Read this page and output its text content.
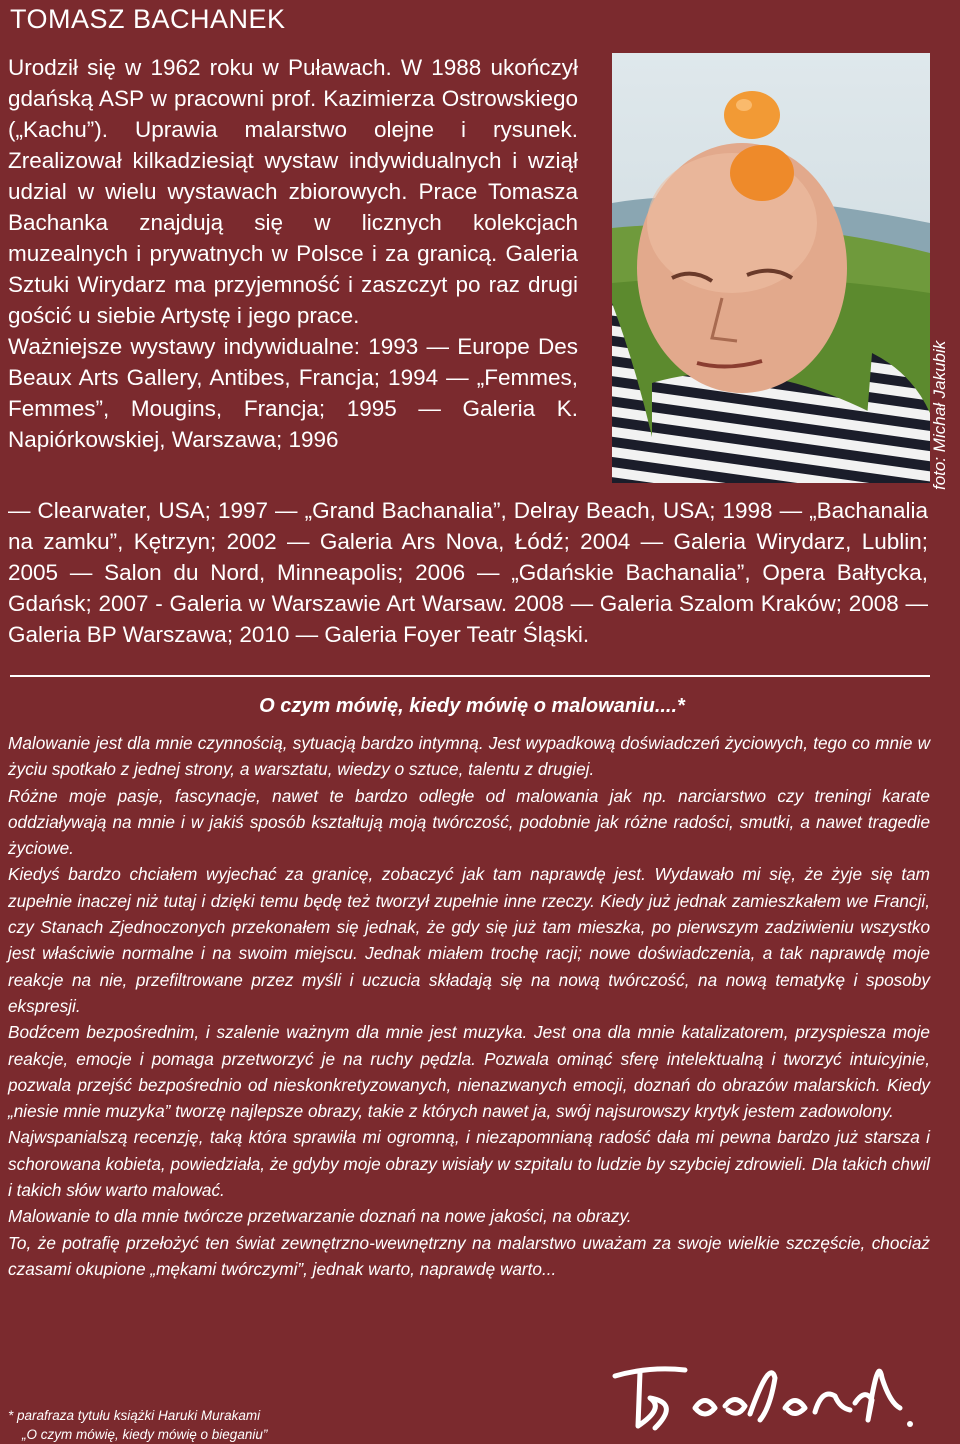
TOMASZ BACHANEK

Urodził się w 1962 roku w Puławach. W 1988 ukończył gdańską ASP w pracowni prof. Kazimierza Ostrowskiego („Kachu”). Uprawia malarstwo olejne i rysunek. Zrealizował kilkadziesiąt wystaw indywidualnych i wziął udzial w wielu wystawach zbiorowych. Prace Tomasza Bachanka znajdują się w licznych kolekcjach muzealnych i prywatnych w Polsce i za granicą. Galeria Sztuki Wirydarz ma przyjemność i zaszczyt po raz drugi gościć u siebie Artystę i jego prace.

Ważniejsze wystawy indywidualne: 1993 — Europe Des Beaux Arts Gallery, Antibes, Francja; 1994 — „Femmes, Femmes”, Mougins, Francja; 1995 — Galeria K. Napiórkowskiej, Warszawa; 1996	foto: Michał Jakubik
— Clearwater, USA; 1997 — „Grand Bachanalia”, Delray Beach, USA; 1998 — „Bachanalia na zamku”, Kętrzyn; 2002 — Galeria Ars Nova, Łódź; 2004 — Galeria Wirydarz, Lublin; 2005 — Salon du Nord, Minneapolis; 2006 — „Gdańskie Bachanalia”, Opera Bałtycka, Gdańsk; 2007 - Galeria w Warszawie Art Warsaw. 2008 — Galeria Szalom Kraków; 2008 — Galeria BP Warszawa; 2010 — Galeria Foyer Teatr Śląski.
O czym mówię, kiedy mówię o malowaniu....*

Malowanie jest dla mnie czynnością, sytuacją bardzo intymną. Jest wypadkową doświadczeń życiowych, tego co mnie w życiu spotkało z jednej strony, a warsztatu, wiedzy o sztuce, talentu z drugiej.

Różne moje pasje, fascynacje, nawet te bardzo odległe od malowania jak np. narciarstwo czy treningi karate oddziaływają na mnie i w jakiś sposób kształtują moją twórczość, podobnie jak różne radości, smutki, a nawet tragedie życiowe.

Kiedyś bardzo chciałem wyjechać za granicę, zobaczyć jak tam naprawdę jest. Wydawało mi się, że żyje się tam zupełnie inaczej niż tutaj i dzięki temu będę też tworzył zupełnie inne rzeczy. Kiedy już jednak zamieszkałem we Francji, czy Stanach Zjednoczonych przekonałem się jednak, że gdy się już tam mieszka, po pierwszym zadziwieniu wszystko jest właściwie normalne i na swoim miejscu. Jednak miałem trochę racji; nowe doświadczenia, a tak naprawdę moje reakcje na nie, przefiltrowane przez myśli i uczucia składają się na nową twórczość, na nową tematykę i sposoby ekspresji.

Bodźcem bezpośrednim, i szalenie ważnym dla mnie jest muzyka. Jest ona dla mnie katalizatorem, przyspiesza moje reakcje, emocje i pomaga przetworzyć je na ruchy pędzla. Pozwala ominąć sferę intelektualną i tworzyć intuicyjnie, pozwala przejść bezpośrednio od nieskonkretyzowanych, nienazwanych emocji, doznań do obrazów malarskich. Kiedy „niesie mnie muzyka” tworzę najlepsze obrazy, takie z których nawet ja, swój najsurowszy krytyk jestem zadowolony.

Najwspanialszą recenzję, taką która sprawiła mi ogromną, i niezapomnianą radość dała mi pewna bardzo już starsza i schorowana kobieta, powiedziała, że gdyby moje obrazy wisiały w szpitalu to ludzie by szybciej zdrowieli. Dla takich chwil i takich słów warto malować.

Malowanie to dla mnie twórcze przetwarzanie doznań na nowe jakości, na obrazy.

To, że potrafię przełożyć ten świat zewnętrzno-wewnętrzny na malarstwo uważam za swoje wielkie szczęście, chociaż czasami okupione „mękami twórczymi”, jednak warto, naprawdę warto...

* parafraza tytułu książki Haruki Murakami
„O czym mówię, kiedy mówię o bieganiu”
